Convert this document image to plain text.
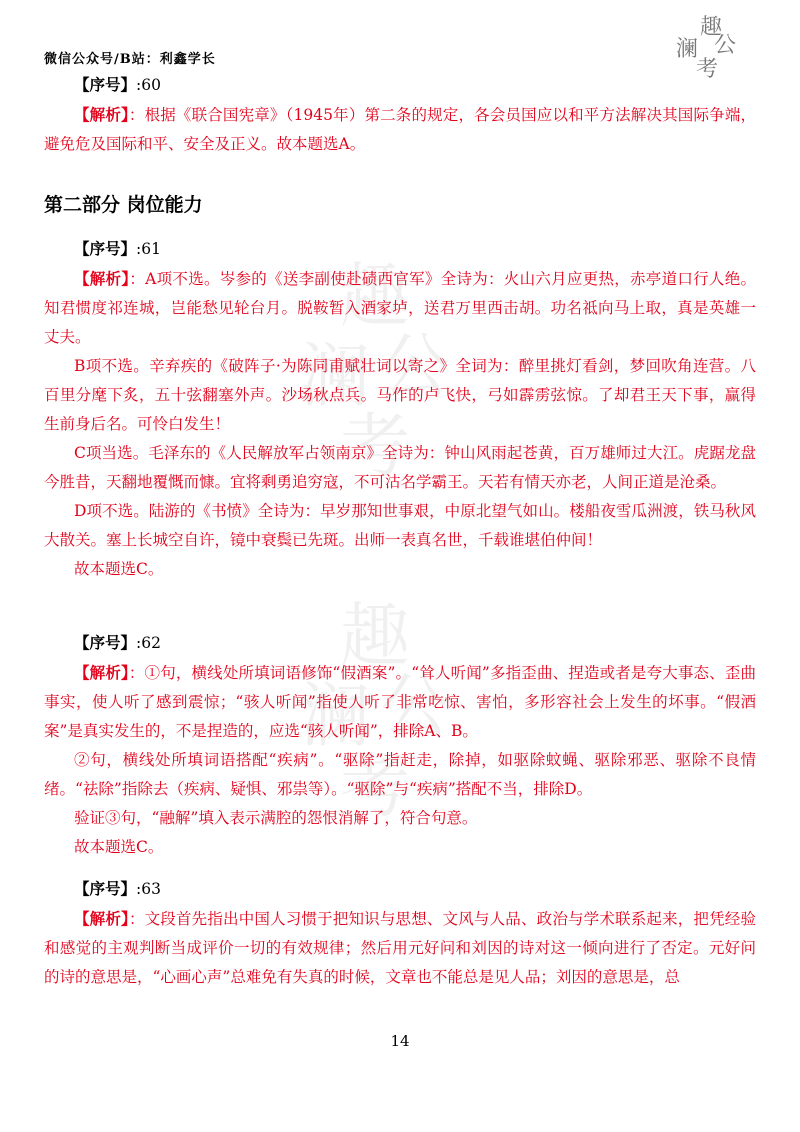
微信公众号/B站：利鑫学长
趣
澜 公
考
趣
澜 公
考
趣
澜 公
考

【序号】:60

【解析】：根据《联合国宪章》（1945年）第二条的规定，各会员国应以和平方法解决其国际争端，避免危及国际和平、安全及正义。故本题选A。

第二部分 岗位能力

【序号】:61

【解析】：A项不选。岑参的《送李副使赴碛西官军》全诗为：火山六月应更热，赤亭道口行人绝。知君惯度祁连城，岂能愁见轮台月。脱鞍暂入酒家垆，送君万里西击胡。功名祗向马上取，真是英雄一丈夫。

B项不选。辛弃疾的《破阵子·为陈同甫赋壮词以寄之》全词为：醉里挑灯看剑，梦回吹角连营。八百里分麾下炙，五十弦翻塞外声。沙场秋点兵。马作的卢飞快，弓如霹雳弦惊。了却君王天下事，赢得生前身后名。可怜白发生！

C项当选。毛泽东的《人民解放军占领南京》全诗为：钟山风雨起苍黄，百万雄师过大江。虎踞龙盘今胜昔，天翻地覆慨而慷。宜将剩勇追穷寇，不可沽名学霸王。天若有情天亦老，人间正道是沧桑。

D项不选。陆游的《书愤》全诗为：早岁那知世事艰，中原北望气如山。楼船夜雪瓜洲渡，铁马秋风大散关。塞上长城空自许，镜中衰鬓已先斑。出师一表真名世，千载谁堪伯仲间！

故本题选C。

【序号】:62

【解析】：①句，横线处所填词语修饰“假酒案”。“耸人听闻”多指歪曲、捏造或者是夸大事态、歪曲事实，使人听了感到震惊；“骇人听闻”指使人听了非常吃惊、害怕，多形容社会上发生的坏事。“假酒案”是真实发生的，不是捏造的，应选“骇人听闻”，排除A、B。

②句，横线处所填词语搭配“疾病”。“驱除”指赶走，除掉，如驱除蚊蝇、驱除邪恶、驱除不良情绪。“祛除”指除去（疾病、疑惧、邪祟等）。“驱除”与“疾病”搭配不当，排除D。

验证③句，“融解”填入表示满腔的怨恨消解了，符合句意。

故本题选C。

【序号】:63

【解析】：文段首先指出中国人习惯于把知识与思想、文风与人品、政治与学术联系起来，把凭经验和感觉的主观判断当成评价一切的有效规律；然后用元好问和刘因的诗对这一倾向进行了否定。元好问的诗的意思是，“心画心声”总难免有失真的时候，文章也不能总是见人品；刘因的意思是，总

14
